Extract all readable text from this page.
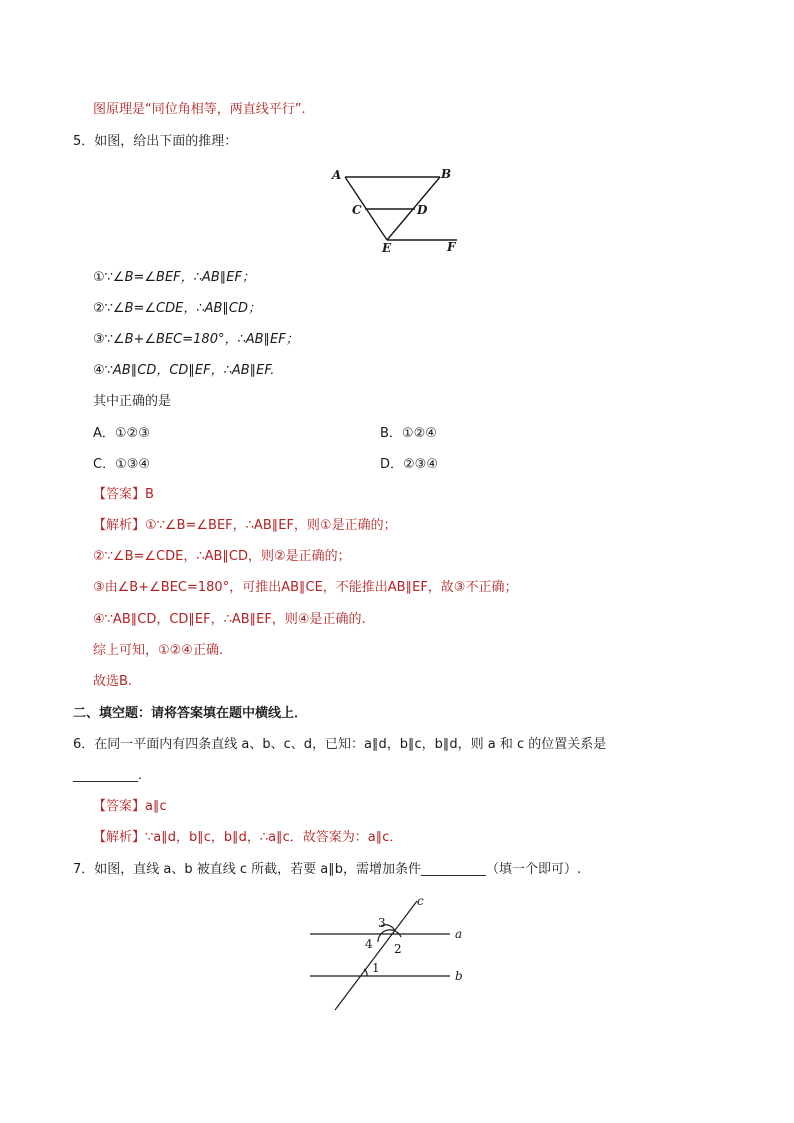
图原理是“同位角相等，两直线平行”.
5．如图，给出下面的推理：
A	B
C	D
E	F
①∵∠B=∠BEF，∴AB∥EF；
②∵∠B=∠CDE，∴AB∥CD；
③∵∠B+∠BEC=180°，∴AB∥EF；
④∵AB∥CD，CD∥EF，∴AB∥EF.
其中正确的是
A．①②③	B．①②④
C．①③④	D．②③④
【答案】B
【解析】①∵∠B=∠BEF，∴AB∥EF，则①是正确的；
②∵∠B=∠CDE，∴AB∥CD，则②是正确的；
③由∠B+∠BEC=180°，可推出AB∥CE，不能推出AB∥EF，故③不正确；
④∵AB∥CD，CD∥EF，∴AB∥EF，则④是正确的.
综上可知，①②④正确.
故选B.
二、填空题：请将答案填在题中横线上．
6．在同一平面内有四条直线 a、b、c、d，已知：a∥d，b∥c，b∥d，则 a 和 c 的位置关系是
__________.
【答案】a∥c
【解析】∵a∥d，b∥c，b∥d，∴a∥c．故答案为：a∥c．
7．如图，直线 a、b 被直线 c 所截，若要 a∥b，需增加条件__________（填一个即可）.
c
a
b
3
4 2
1
